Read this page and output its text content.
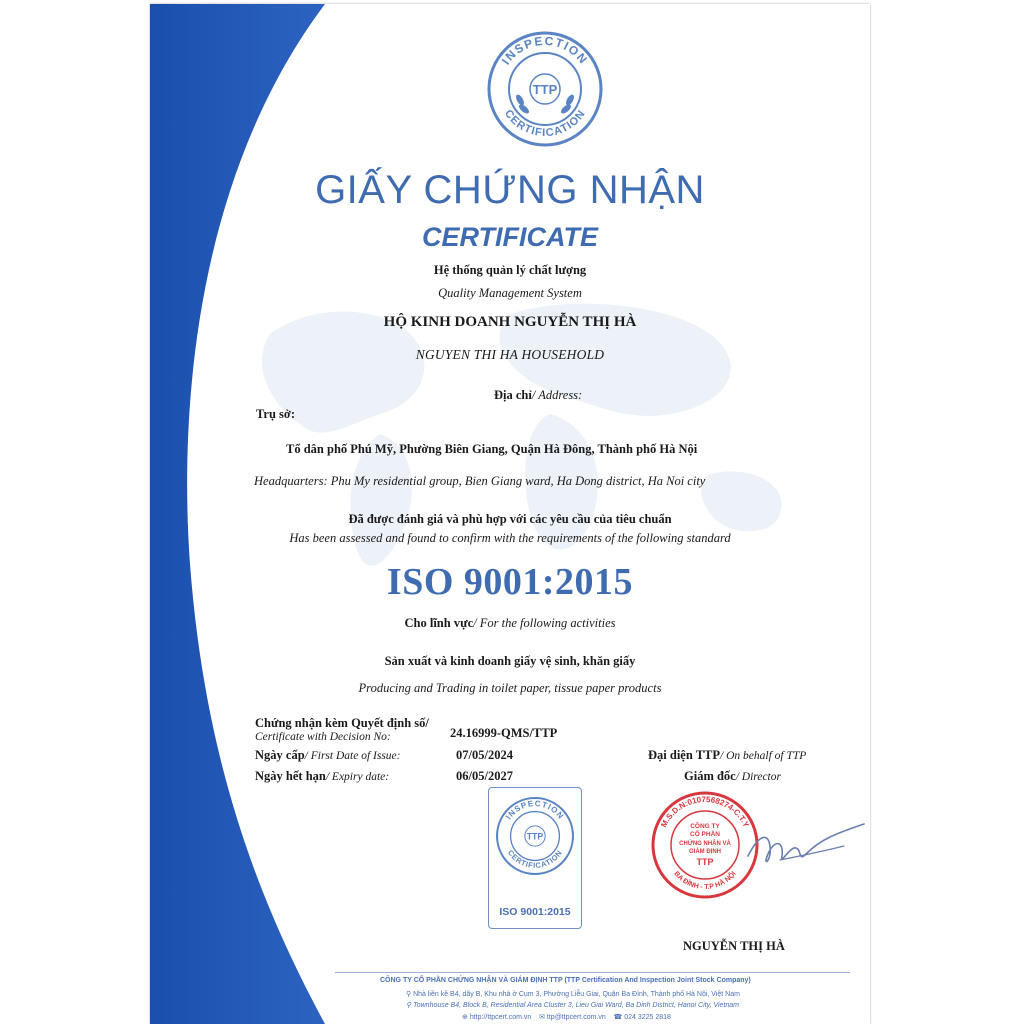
INSPECTION
CERTIFICATION
TTP
GIẤY CHỨNG NHẬN
CERTIFICATE
Hệ thống quản lý chất lượng
Quality Management System
HỘ KINH DOANH NGUYỄN THỊ HÀ
NGUYEN THI HA HOUSEHOLD
Địa chỉ/ Address:
Trụ sở:
Tổ dân phố Phú Mỹ, Phường Biên Giang, Quận Hà Đông, Thành phố Hà Nội
Headquarters: Phu My residential group, Bien Giang ward, Ha Dong district, Ha Noi city
Đã được đánh giá và phù hợp với các yêu cầu của tiêu chuẩn
Has been assessed and found to confirm with the requirements of the following standard
ISO 9001:2015
Cho lĩnh vực/ For the following activities
Sản xuất và kinh doanh giấy vệ sinh, khăn giấy
Producing and Trading in toilet paper, tissue paper products
Chứng nhận kèm Quyết định số/
Certificate with Decision No:	24.16999-QMS/TTP
Ngày cấp/ First Date of Issue:	07/05/2024
Ngày hết hạn/ Expiry date:	06/05/2027
Đại diện TTP/ On behalf of TTP
Giám đốc/ Director
INSPECTION
CERTIFICATION
TTP
ISO 9001:2015
M.S.D.N:0107568274-C.T.Y
BA ĐÌNH - T.P HÀ NỘI
CÔNG TY
CỔ PHẦN
CHỨNG NHẬN VÀ
GIÁM ĐỊNH
TTP
NGUYỄN THỊ HÀ
CÔNG TY CỔ PHẦN CHỨNG NHẬN VÀ GIÁM ĐỊNH TTP (TTP Certification And Inspection Joint Stock Company)
⚲ Nhà liền kề B4, dãy B, Khu nhà ở Cụm 3, Phường Liễu Giai, Quận Ba Đình, Thành phố Hà Nội, Việt Nam
⚲ Townhouse B4, Block B, Residential Area Cluster 3, Lieu Giai Ward, Ba Dinh District, Hanoi City, Vietnam
⊕ http://ttpcert.com.vn ✉ ttp@ttpcert.com.vn ☎ 024 3225 2818
